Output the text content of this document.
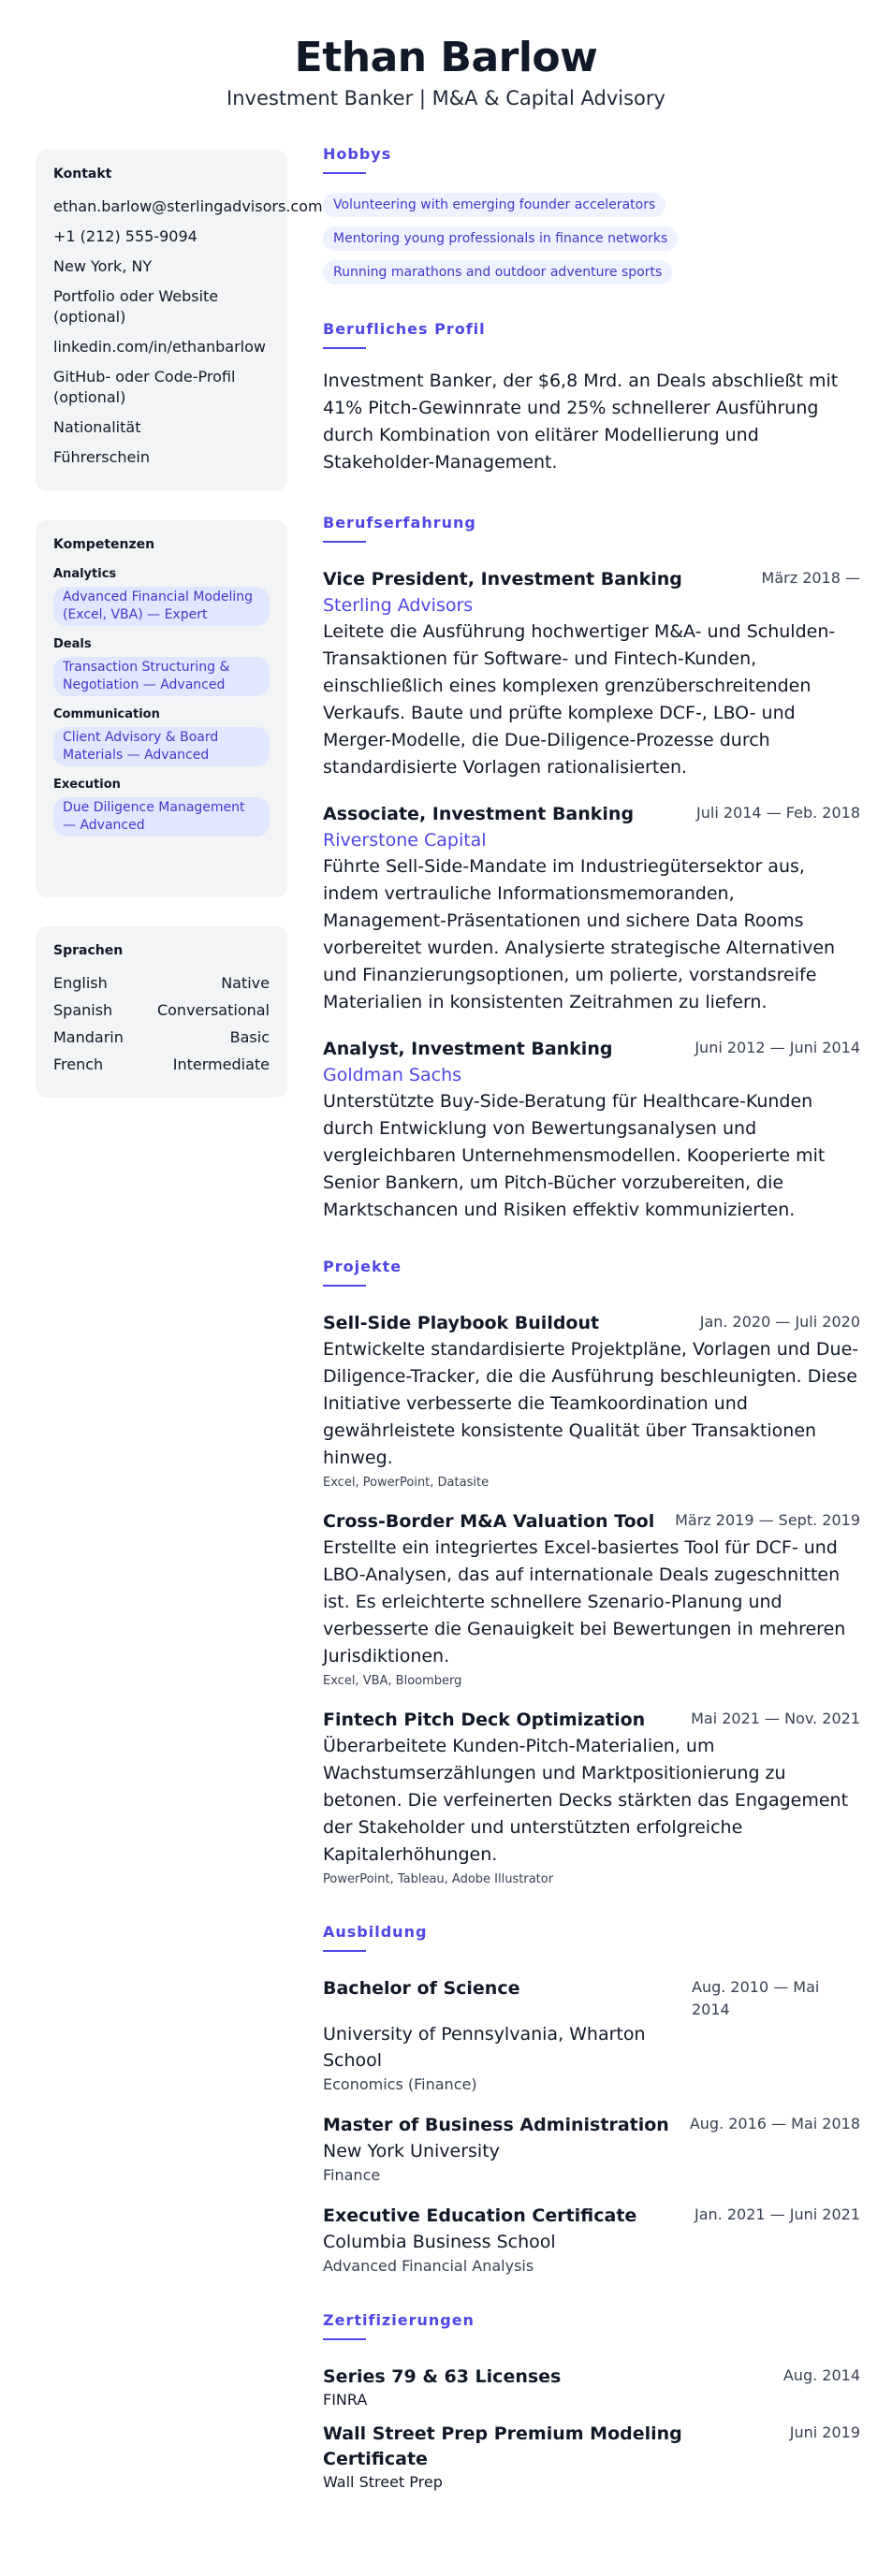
Ethan Barlow
Investment Banker | M&A & Capital Advisory
Kontakt
ethan.barlow@sterlingadvisors.com
+1 (212) 555-9094
New York, NY
Portfolio oder Website (optional)
linkedin.com/in/ethanbarlow
GitHub- oder Code-Profil (optional)
Nationalität
Führerschein
Kompetenzen
Analytics
Advanced Financial Modeling (Excel, VBA) — Expert
Deals
Transaction Structuring & Negotiation — Advanced
Communication
Client Advisory & Board Materials — Advanced
Execution
Due Diligence Management — Advanced
Sprachen
English	Native
Spanish	Conversational
Mandarin	Basic
French	Intermediate
Hobbys
Volunteering with emerging founder accelerators
Mentoring young professionals in finance networks
Running marathons and outdoor adventure sports
Berufliches Profil
Investment Banker, der $6,8 Mrd. an Deals abschließt mit 41% Pitch-Gewinnrate und 25% schnellerer Ausführung durch Kombination von elitärer Modellierung und Stakeholder-Management.
Berufserfahrung
Vice President, Investment Banking	März 2018 —
Sterling Advisors
Leitete die Ausführung hochwertiger M&A- und Schulden-Transaktionen für Software- und Fintech-Kunden, einschließlich eines komplexen grenzüberschreitenden Verkaufs. Baute und prüfte komplexe DCF-, LBO- und Merger-Modelle, die Due-Diligence-Prozesse durch standardisierte Vorlagen rationalisierten.
Associate, Investment Banking	Juli 2014 — Feb. 2018
Riverstone Capital
Führte Sell-Side-Mandate im Industriegütersektor aus, indem vertrauliche Informationsmemoranden, Management-Präsentationen und sichere Data Rooms vorbereitet wurden. Analysierte strategische Alternativen und Finanzierungsoptionen, um polierte, vorstandsreife Materialien in konsistenten Zeitrahmen zu liefern.
Analyst, Investment Banking	Juni 2012 — Juni 2014
Goldman Sachs
Unterstützte Buy-Side-Beratung für Healthcare-Kunden durch Entwicklung von Bewertungsanalysen und vergleichbaren Unternehmensmodellen. Kooperierte mit Senior Bankern, um Pitch-Bücher vorzubereiten, die Marktschancen und Risiken effektiv kommunizierten.
Projekte
Sell-Side Playbook Buildout	Jan. 2020 — Juli 2020
Entwickelte standardisierte Projektpläne, Vorlagen und Due-Diligence-Tracker, die die Ausführung beschleunigten. Diese Initiative verbesserte die Teamkoordination und gewährleistete konsistente Qualität über Transaktionen hinweg.
Excel, PowerPoint, Datasite
Cross-Border M&A Valuation Tool März 2019 — Sept. 2019
Erstellte ein integriertes Excel-basiertes Tool für DCF- und LBO-Analysen, das auf internationale Deals zugeschnitten ist. Es erleichterte schnellere Szenario-Planung und verbesserte die Genauigkeit bei Bewertungen in mehreren Jurisdiktionen.
Excel, VBA, Bloomberg
Fintech Pitch Deck Optimization	Mai 2021 — Nov. 2021
Überarbeitete Kunden-Pitch-Materialien, um Wachstumserzählungen und Marktpositionierung zu betonen. Die verfeinerten Decks stärkten das Engagement der Stakeholder und unterstützten erfolgreiche Kapitalerhöhungen.
PowerPoint, Tableau, Adobe Illustrator
Ausbildung
Bachelor of Science	Aug. 2010 — Mai 2014
University of Pennsylvania, Wharton School
Economics (Finance)
Master of Business Administration Aug. 2016 — Mai 2018
New York University
Finance
Executive Education Certificate	Jan. 2021 — Juni 2021
Columbia Business School
Advanced Financial Analysis
Zertifizierungen
Series 79 & 63 Licenses	Aug. 2014
FINRA
Wall Street Prep Premium Modeling Certificate
Juni 2019
Wall Street Prep
